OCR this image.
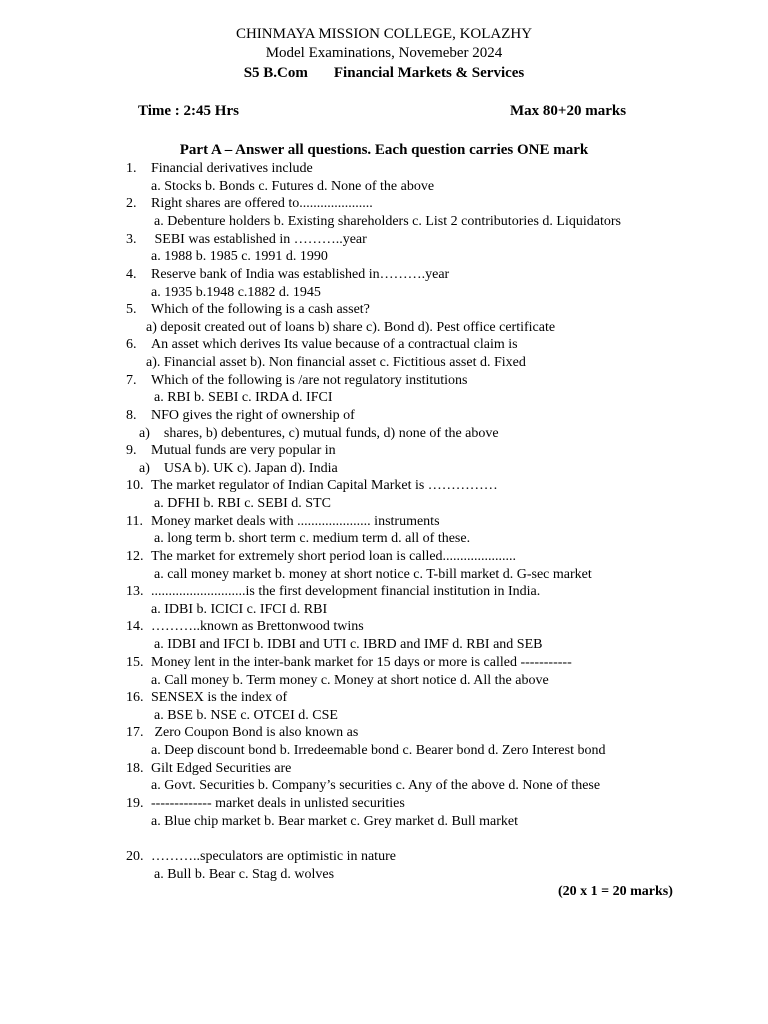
CHINMAYA MISSION COLLEGE, KOLAZHY
Model Examinations, Novemeber 2024
S5 B.Com Financial Markets & Services
Time : 2:45 Hrs	Max 80+20 marks
Part A – Answer all questions. Each question carries ONE mark
1. Financial derivatives include
a. Stocks b. Bonds c. Futures d. None of the above
2. Right shares are offered to.....................
a. Debenture holders b. Existing shareholders c. List 2 contributories d. Liquidators
3. SEBI was established in ………..year
a. 1988 b. 1985 c. 1991 d. 1990
4. Reserve bank of India was established in……….year
a. 1935 b.1948 c.1882 d. 1945
5. Which of the following is a cash asset?
a) deposit created out of loans b) share c). Bond d). Pest office certificate
6. An asset which derives Its value because of a contractual claim is
a). Financial asset b). Non financial asset c. Fictitious asset d. Fixed
7. Which of the following is /are not regulatory institutions
a. RBI b. SEBI c. IRDA d. IFCI
8. NFO gives the right of ownership of
a)    shares, b) debentures, c) mutual funds, d) none of the above
9. Mutual funds are very popular in
a)    USA b). UK c). Japan d). India
10. The market regulator of Indian Capital Market is ……………
a. DFHI b. RBI c. SEBI d. STC
11. Money market deals with ..................... instruments
a. long term b. short term c. medium term d. all of these.
12. The market for extremely short period loan is called.....................
a. call money market b. money at short notice c. T-bill market d. G-sec market
13. ...........................is the first development financial institution in India.
a. IDBI b. ICICI c. IFCI d. RBI
14. ………..known as Brettonwood twins
a. IDBI and IFCI b. IDBI and UTI c. IBRD and IMF d. RBI and SEB
15. Money lent in the inter-bank market for 15 days or more is called -----------
a. Call money b. Term money c. Money at short notice d. All the above
16. SENSEX is the index of
a. BSE b. NSE c. OTCEI d. CSE
17. Zero Coupon Bond is also known as
a. Deep discount bond b. Irredeemable bond c. Bearer bond d. Zero Interest bond
18. Gilt Edged Securities are
a. Govt. Securities b. Company’s securities c. Any of the above d. None of these
19. ------------- market deals in unlisted securities
a. Blue chip market b. Bear market c. Grey market d. Bull market
20. ………..speculators are optimistic in nature
a. Bull b. Bear c. Stag d. wolves
(20 x 1 = 20 marks)
